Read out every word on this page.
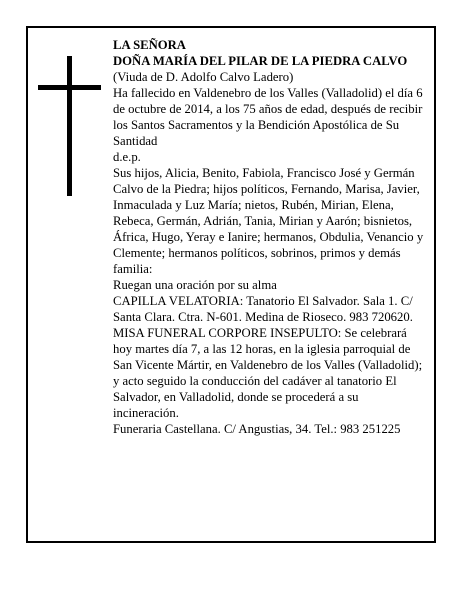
LA SEÑORA

DOÑA MARÍA DEL PILAR DE LA PIEDRA CALVO

(Viuda de D. Adolfo Calvo Ladero)

Ha fallecido en Valdenebro de los Valles (Valladolid) el día 6 de octubre de 2014, a los 75 años de edad, después de recibir los Santos Sacramentos y la Bendición Apostólica de Su Santidad

d.e.p.

Sus hijos, Alicia, Benito, Fabiola, Francisco José y Germán Calvo de la Piedra; hijos políticos, Fernando, Marisa, Javier, Inmaculada y Luz María; nietos, Rubén, Mirian, Elena, Rebeca, Germán, Adrián, Tania, Mirian y Aarón; bisnietos, África, Hugo, Yeray e Ianire; hermanos, Obdulia, Venancio y Clemente; hermanos políticos, sobrinos, primos y demás familia:

Ruegan una oración por su alma

CAPILLA VELATORIA: Tanatorio El Salvador. Sala 1. C/ Santa Clara. Ctra. N-601. Medina de Rioseco. 983 720620. MISA FUNERAL CORPORE INSEPULTO: Se celebrará hoy martes día 7, a las 12 horas, en la iglesia parroquial de San Vicente Mártir, en Valdenebro de los Valles (Valladolid); y acto seguido la conducción del cadáver al tanatorio El Salvador, en Valladolid, donde se procederá a su incineración.

Funeraria Castellana. C/ Angustias, 34. Tel.: 983 251225
